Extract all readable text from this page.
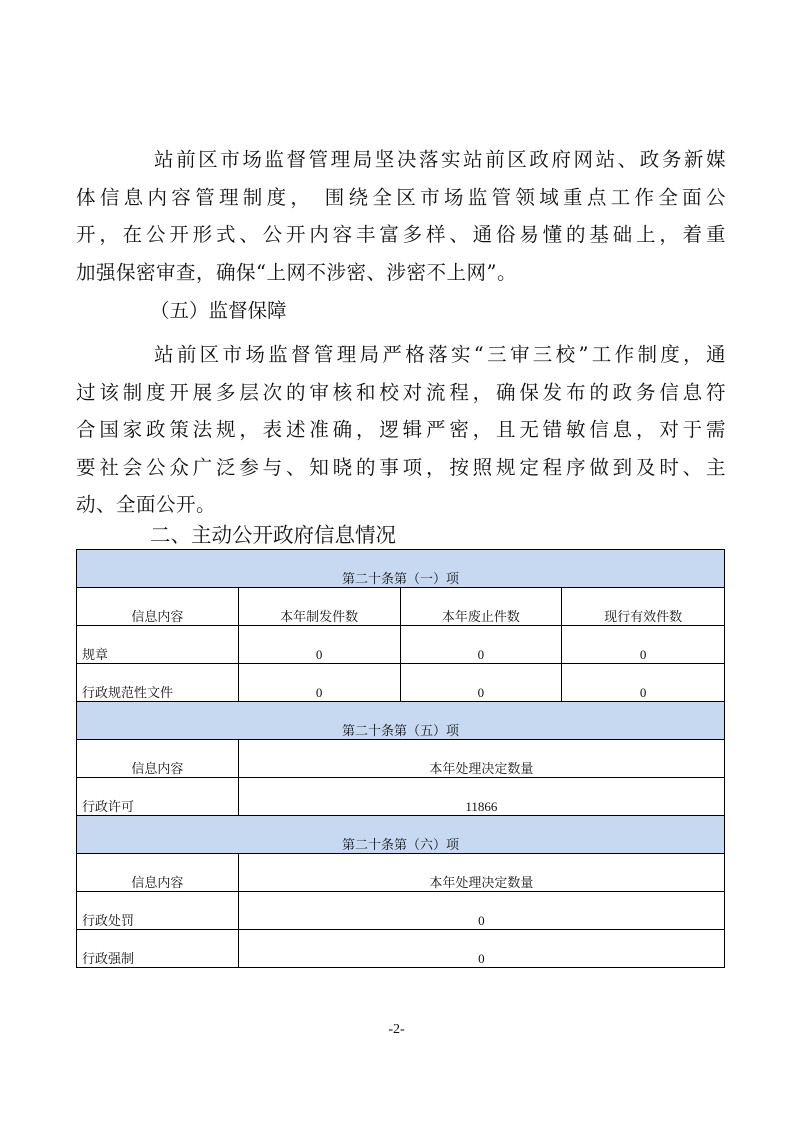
站前区市场监督管理局坚决落实站前区政府网站、政务新媒
体信息内容管理制度， 围绕全区市场监管领域重点工作全面公
开，在公开形式、公开内容丰富多样、通俗易懂的基础上，着重
加强保密审查，确保“上网不涉密、涉密不上网”。
（五）监督保障
站前区市场监督管理局严格落实“三审三校”工作制度，通
过该制度开展多层次的审核和校对流程，确保发布的政务信息符
合国家政策法规，表述准确，逻辑严密，且无错敏信息，对于需
要社会公众广泛参与、知晓的事项，按照规定程序做到及时、主
动、全面公开。
二、主动公开政府信息情况
第二十条第（一）项			
信息内容	本年制发件数	本年废止件数	现行有效件数
规章	0	0	0
行政规范性文件	0	0	0
第二十条第（五）项			
信息内容	本年处理决定数量		
行政许可	11866		
第二十条第（六）项			
信息内容	本年处理决定数量		
行政处罚	0		
行政强制	0		
-2-
